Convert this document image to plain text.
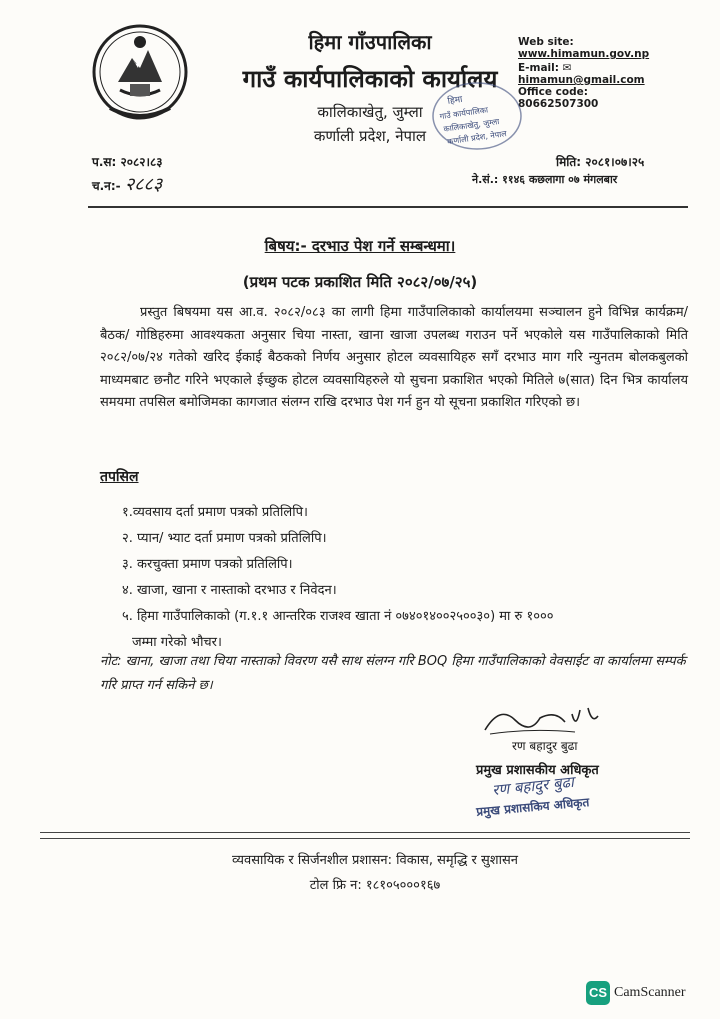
हिमा गाँउपालिका
गाउँ कार्यपालिकाको कार्यालय
कालिकाखेतु, जुम्ला
कर्णाली प्रदेश, नेपाल
Web site: www.himamun.gov.np
E-mail: ✉ himamun@gmail.com
Office code: 80662507300
हिमा
गाउँ कार्यपालिका
कालिकाखेतु, जुम्ला
कर्णाली प्रदेश, नेपाल
प.स: २०८२।८३
च.न:- २८८३
मिति: २०८१।०७।२५
ने.सं.: ११४६ कछलागा ०७ मंगलबार
बिषय:- दरभाउ पेश गर्ने सम्बन्धमा।
(प्रथम पटक प्रकाशित मिति २०८२/०७/२५)
प्रस्तुत बिषयमा यस आ.व. २०८२/०८३ का लागी हिमा गाउँपालिकाको कार्यालयमा सञ्चालन हुने विभिन्न कार्यक्रम/ बैठक/ गोष्ठिहरुमा आवश्यकता अनुसार चिया नास्ता, खाना खाजा उपलब्ध गराउन पर्ने भएकोले यस गाउँपालिकाको मिति २०८२/०७/२४ गतेको खरिद ईकाई बैठकको निर्णय अनुसार होटल व्यवसायिहरु सगँ दरभाउ माग गरि न्युनतम बोलकबुलको माध्यमबाट छनौट गरिने भएकाले ईच्छुक होटल व्यवसायिहरुले यो सुचना प्रकाशित भएको मितिले ७(सात) दिन भित्र कार्यालय समयमा तपसिल बमोजिमका कागजात संलग्न राखि दरभाउ पेश गर्न हुन यो सूचना प्रकाशित गरिएको छ।
तपसिल
१.व्यवसाय दर्ता प्रमाण पत्रको प्रतिलिपि।
२. प्यान/ भ्याट दर्ता प्रमाण पत्रको प्रतिलिपि।
३. करचुक्ता प्रमाण पत्रको प्रतिलिपि।
४. खाजा, खाना र नास्ताको दरभाउ र निवेदन।
५. हिमा गाउँपालिकाको (ग.१.१ आन्तरिक राजश्व खाता नं ०७४०१४००२५००३०) मा रु १०००
जम्मा गरेको भौचर।
नोट: खाना, खाजा तथा चिया नास्ताको विवरण यसै साथ संलग्न गरि BOQ हिमा गाउँपालिकाको वेवसाईट वा कार्यालमा सम्पर्क गरि प्राप्त गर्न सकिने छ।
रण बहादुर बुढा
प्रमुख प्रशासकीय अधिकृत
रण बहादुर बुढा
प्रमुख प्रशासकिय अधिकृत
व्यवसायिक र सिर्जनशील प्रशासन: विकास, समृद्धि र सुशासन
टोल फ्रि न: १८१०५०००१६७
CS CamScanner
